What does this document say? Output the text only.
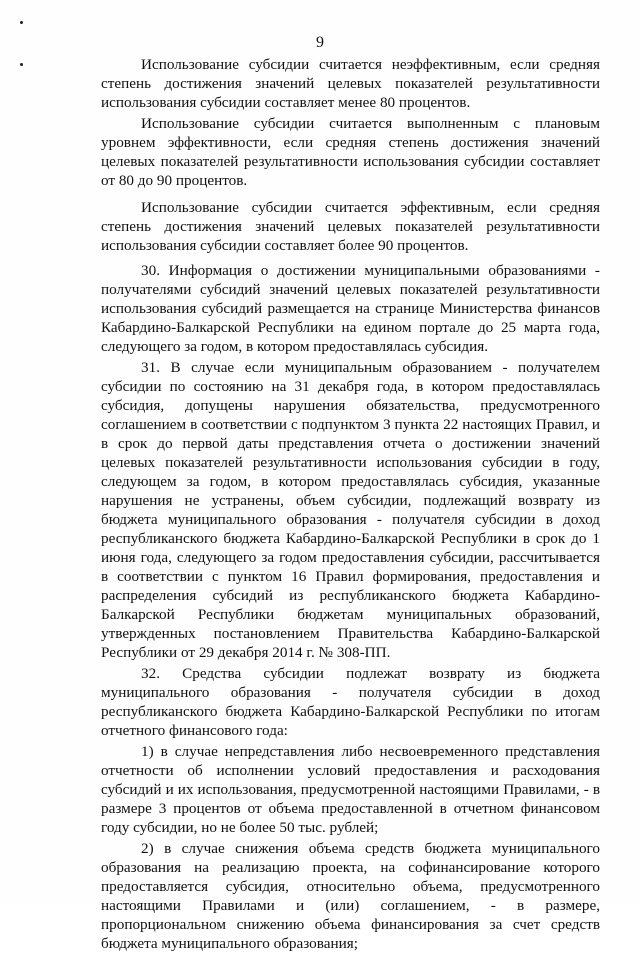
9

Использование субсидии считается неэффективным, если средняя степень достижения значений целевых показателей результативности использования субсидии составляет менее 80 процентов.

Использование субсидии считается выполненным с плановым уровнем эффективности, если средняя степень достижения значений целевых показателей результативности использования субсидии составляет от 80 до 90 процентов.

Использование субсидии считается эффективным, если средняя степень достижения значений целевых показателей результативности использования субсидии составляет более 90 процентов.

30. Информация о достижении муниципальными образованиями - получателями субсидий значений целевых показателей результативности использования субсидий размещается на странице Министерства финансов Кабардино-Балкарской Республики на едином портале до 25 марта года, следующего за годом, в котором предоставлялась субсидия.

31. В случае если муниципальным образованием - получателем субсидии по состоянию на 31 декабря года, в котором предоставлялась субсидия, допущены нарушения обязательства, предусмотренного соглашением в соответствии с подпунктом 3 пункта 22 настоящих Правил, и в срок до первой даты представления отчета о достижении значений целевых показателей результативности использования субсидии в году, следующем за годом, в котором предоставлялась субсидия, указанные нарушения не устранены, объем субсидии, подлежащий возврату из бюджета муниципального образования - получателя субсидии в доход республиканского бюджета Кабардино-Балкарской Республики в срок до 1 июня года, следующего за годом предоставления субсидии, рассчитывается в соответствии с пунктом 16 Правил формирования, предоставления и распределения субсидий из республиканского бюджета Кабардино-Балкарской Республики бюджетам муниципальных образований, утвержденных постановлением Правительства Кабардино-Балкарской Республики от 29 декабря 2014 г. № 308-ПП.

32. Средства субсидии подлежат возврату из бюджета муниципального образования - получателя субсидии в доход республиканского бюджета Кабардино-Балкарской Республики по итогам отчетного финансового года:

1) в случае непредставления либо несвоевременного представления отчетности об исполнении условий предоставления и расходования субсидий и их использования, предусмотренной настоящими Правилами, - в размере 3 процентов от объема предоставленной в отчетном финансовом году субсидии, но не более 50 тыс. рублей;

2) в случае снижения объема средств бюджета муниципального образования на реализацию проекта, на софинансирование которого предоставляется субсидия, относительно объема, предусмотренного настоящими Правилами и (или) соглашением, - в размере, пропорциональном снижению объема финансирования за счет средств бюджета муниципального образования;
